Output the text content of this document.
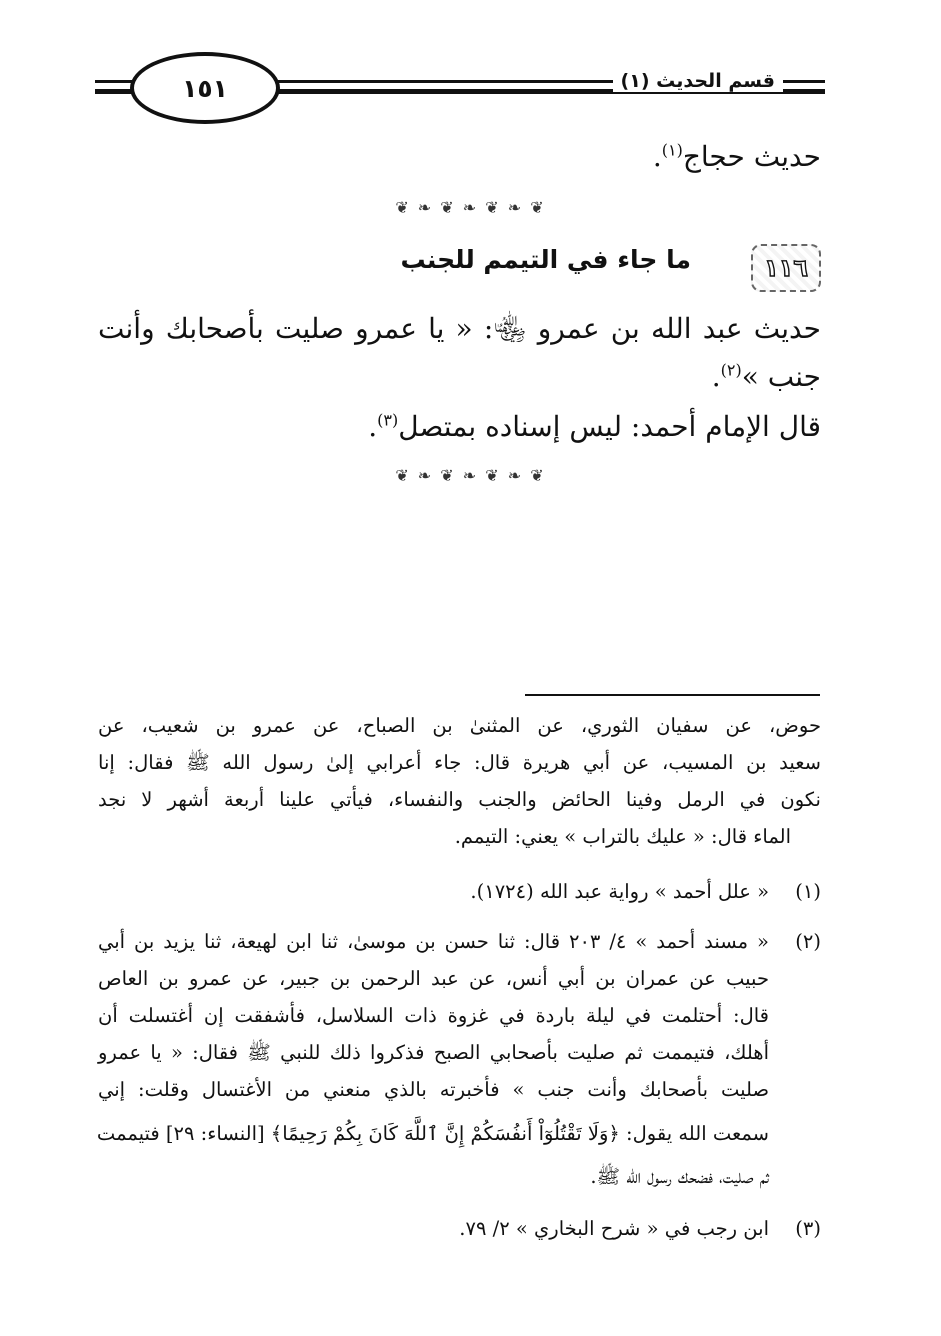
١٥١	قسم الحديث (١)
حديث حجاج$^{(١)}$.
❦ ❧ ❦ ❧ ❦ ❧ ❦
١١٦
ما جاء في التيمم للجنب
حديث عبد الله بن عمرو ﵄: « يا عمرو صليت بأصحابك وأنت
جنب »$^{(٢)}$.
قال الإمام أحمد: ليس إسناده بمتصل$^{(٣)}$.
❦ ❧ ❦ ❧ ❦ ❧ ❦
حوض، عن سفيان الثوري، عن المثنىٰ بن الصباح، عن عمرو بن شعيب، عن
سعيد بن المسيب، عن أبي هريرة قال: جاء أعرابي إلىٰ رسول الله ﷺ فقال: إنا
نكون في الرمل وفينا الحائض والجنب والنفساء، فيأتي علينا أربعة أشهر لا نجد
الماء قال: « عليك بالتراب » يعني: التيمم.
(١)
« علل أحمد » رواية عبد الله (١٧٢٤).
(٢)
« مسند أحمد » ٤/ ٢٠٣ قال: ثنا حسن بن موسىٰ، ثنا ابن لهيعة، ثنا يزيد بن أبي
حبيب عن عمران بن أبي أنس، عن عبد الرحمن بن جبير، عن عمرو بن العاص
قال: أحتلمت في ليلة باردة في غزوة ذات السلاسل، فأشفقت إن أغتسلت أن
أهلك، فتيممت ثم صليت بأصحابي الصبح فذكروا ذلك للنبي ﷺ فقال: « يا عمرو
صليت بأصحابك وأنت جنب » فأخبرته بالذي منعني من الأغتسال وقلت: إني
سمعت الله يقول: ﴿وَلَا تَقْتُلُوٓاْ أَنفُسَكُمْ إِنَّ ٱللَّهَ كَانَ بِكُمْ رَحِيمًا﴾ [النساء: ٢٩] فتيممت
ثم صليت، فضحك رسول الله ﷺ.
(٣)
ابن رجب في « شرح البخاري » ٢/ ٧٩.
